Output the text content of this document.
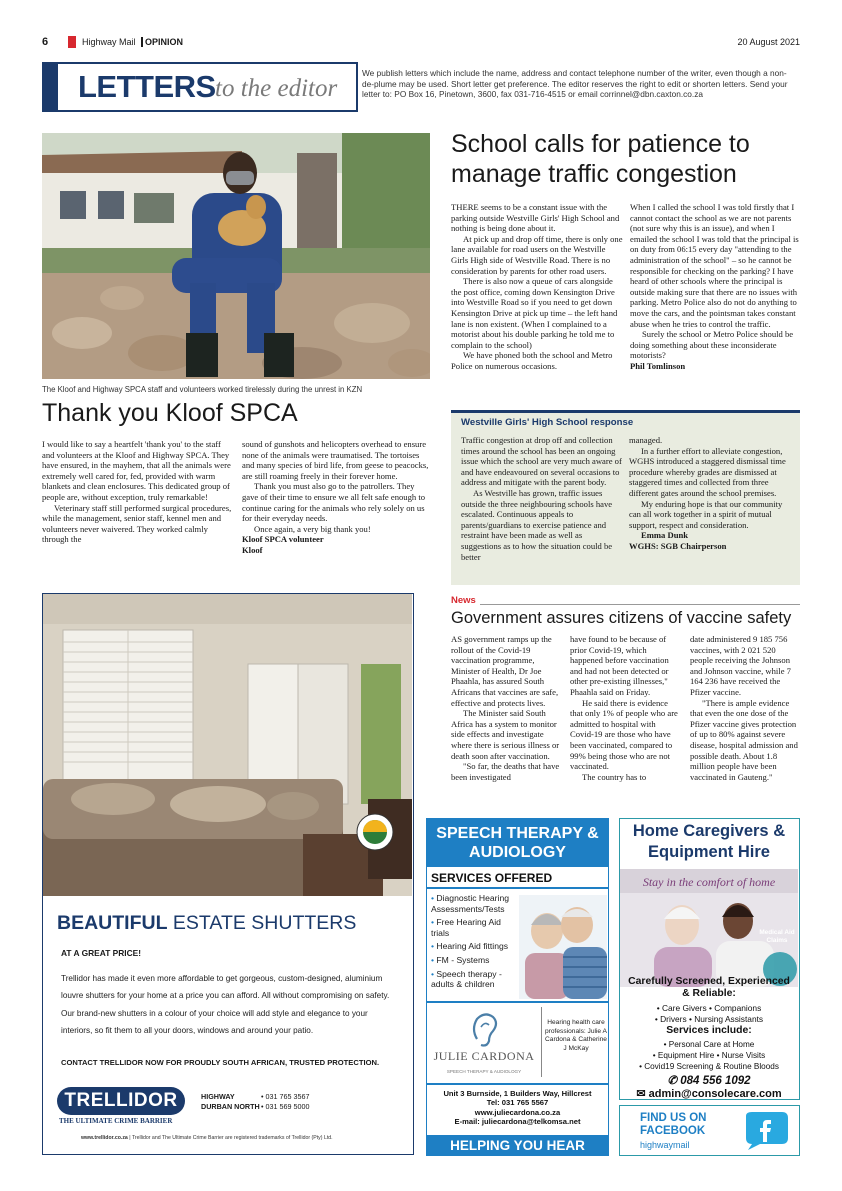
6	Highway Mail OPINION	20 August 2021
LETTERS to the editor
We publish letters which include the name, address and contact telephone number of the writer, even though a non-de-plume may be used. Short letter get preference. The editor reserves the right to edit or shorten letters. Send your letter to: PO Box 16, Pinetown, 3600, fax 031-716-4515 or email corrinnel@dbn.caxton.co.za
The Kloof and Highway SPCA staff and volunteers worked tirelessly during the unrest in KZN
Thank you Kloof SPCA

I would like to say a heartfelt 'thank you' to the staff and volunteers at the Kloof and Highway SPCA. They have ensured, in the mayhem, that all the animals were extremely well cared for, fed, provided with warm blankets and clean enclosures. This dedicated group of people are, without exception, truly remarkable!

Veterinary staff still performed surgical procedures, while the management, senior staff, kennel men and volunteers never waivered. They worked calmly through the

sound of gunshots and helicopters overhead to ensure none of the animals were traumatised. The tortoises and many species of bird life, from geese to peacocks, are still roaming freely in their forever home.

Thank you must also go to the patrollers. They gave of their time to ensure we all felt safe enough to continue caring for the animals who rely solely on us for their everyday needs.

Once again, a very big thank you!

Kloof SPCA volunteer

Kloof

School calls for patience to manage traffic congestion

THERE seems to be a constant issue with the parking outside Westville Girls' High School and nothing is being done about it.

At pick up and drop off time, there is only one lane available for road users on the Westville Girls High side of Westville Road. There is no consideration by parents for other road users.

There is also now a queue of cars alongside the post office, coming down Kensington Drive into Westville Road so if you need to get down Kensington Drive at pick up time – the left hand lane is non existent. (When I complained to a motorist about his double parking he told me to complain to the school)

We have phoned both the school and Metro Police on numerous occasions.

When I called the school I was told firstly that I cannot contact the school as we are not parents (not sure why this is an issue), and when I emailed the school I was told that the principal is on duty from 06:15 every day "attending to the administration of the school" – so he cannot be responsible for checking on the parking? I have heard of other schools where the principal is outside making sure that there are no issues with parking. Metro Police also do not do anything to move the cars, and the pointsman takes constant abuse when he tries to control the traffic.

Surely the school or Metro Police should be doing something about these inconsiderate motorists?

Phil Tomlinson

Westville Girls' High School response

Traffic congestion at drop off and collection times around the school has been an ongoing issue which the school are very much aware of and have endeavoured on several occasions to address and mitigate with the parent body.

As Westville has grown, traffic issues outside the three neighbouring schools have escalated. Continuous appeals to parents/guardians to exercise patience and restraint have been made as well as suggestions as to how the situation could be better

managed.

In a further effort to alleviate congestion, WGHS introduced a staggered dismissal time procedure whereby grades are dismissed at staggered times and collected from three different gates around the school premises.

My enduring hope is that our community can all work together in a spirit of mutual support, respect and consideration.

Emma Dunk

WGHS: SGB Chairperson

News
Government assures citizens of vaccine safety

AS government ramps up the rollout of the Covid-19 vaccination programme, Minister of Health, Dr Joe Phaahla, has assured South Africans that vaccines are safe, effective and protects lives.

The Minister said South Africa has a system to monitor side effects and investigate where there is serious illness or death soon after vaccination.

"So far, the deaths that have been investigated

have found to be because of prior Covid-19, which happened before vaccination and had not been detected or other pre-existing illnesses," Phaahla said on Friday.

He said there is evidence that only 1% of people who are admitted to hospital with Covid-19 are those who have been vaccinated, compared to 99% being those who are not vaccinated.

The country has to

date administered 9 185 756 vaccines, with 2 021 520 people receiving the Johnson and Johnson vaccine, while 7 164 236 have received the Pfizer vaccine.

"There is ample evidence that even the one dose of the Pfizer vaccine gives protection of up to 80% against severe disease, hospital admission and possible death. About 1.8 million people have been vaccinated in Gauteng."

BEAUTIFUL ESTATE SHUTTERS
AT A GREAT PRICE!
Trellidor has made it even more affordable to get gorgeous, custom-designed, aluminium louvre shutters for your home at a price you can afford. All without compromising on safety. Our brand-new shutters in a colour of your choice will add style and elegance to your interiors, so fit them to all your doors, windows and around your patio.
CONTACT TRELLIDOR NOW FOR PROUDLY SOUTH AFRICAN, TRUSTED PROTECTION.
TRELLIDOR
THE ULTIMATE CRIME BARRIER
HIGHWAY	• 031 765 3567
DURBAN NORTH• 031 569 5000
www.trellidor.co.za | Trellidor and The Ultimate Crime Barrier are registered trademarks of Trellidor (Pty) Ltd.
SPEECH THERAPY & AUDIOLOGY
SERVICES OFFERED
• Diagnostic Hearing Assessments/Tests
• Free Hearing Aid trials
• Hearing Aid fittings
• FM - Systems
• Speech therapy - adults & children
JULIE CARDONA
SPEECH THERAPY & AUDIOLOGY
Hearing health care professionals: Julie A Cardona & Catherine J McKay
Unit 3 Burnside, 1 Builders Way, Hillcrest
Tel: 031 765 5567
www.juliecardona.co.za
E-mail: juliecardona@telkomsa.net
HELPING YOU HEAR
Home Caregivers & Equipment Hire
Stay in the comfort of home
Medical Aid Claims
Carefully Screened, Experienced & Reliable:
• Care Givers • Companions
• Drivers • Nursing Assistants
Services include:
• Personal Care at Home
• Equipment Hire • Nurse Visits
• Covid19 Screening & Routine Bloods
✆ 084 556 1092
✉ admin@consolecare.com
FIND US ON
FACEBOOK
highwaymail
